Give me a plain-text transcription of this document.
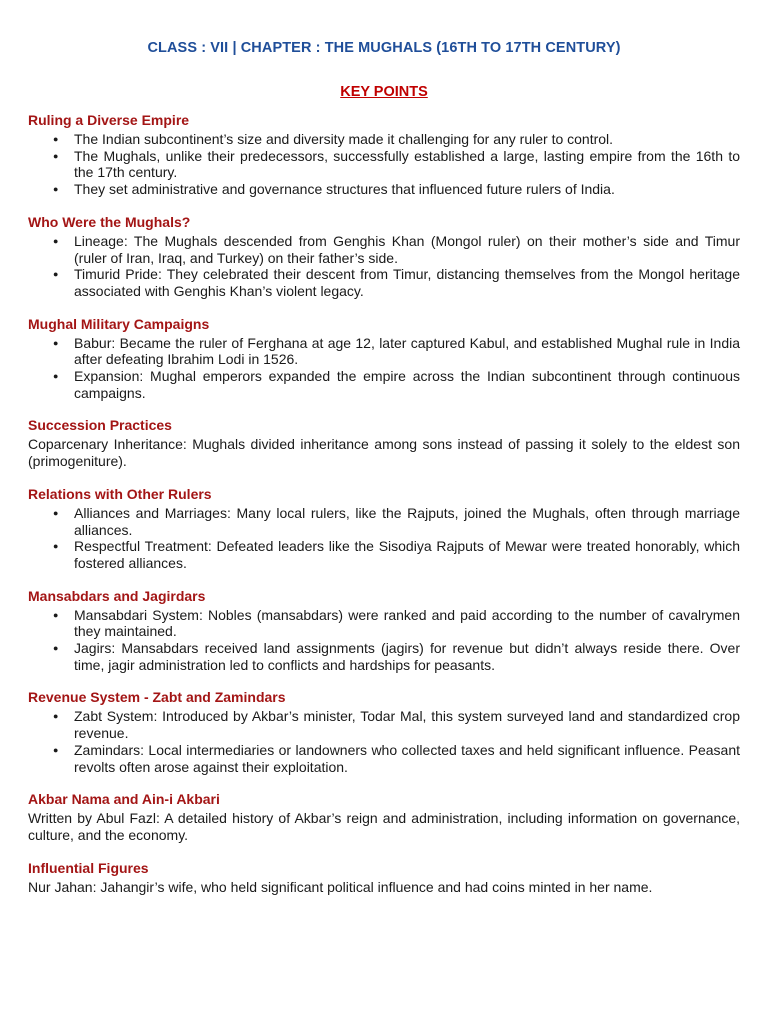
CLASS : VII | CHAPTER : THE MUGHALS (16TH TO 17TH CENTURY)
KEY POINTS
Ruling a Diverse Empire
● The Indian subcontinent’s size and diversity made it challenging for any ruler to control.
● The Mughals, unlike their predecessors, successfully established a large, lasting empire from the 16th to the 17th century.
● They set administrative and governance structures that influenced future rulers of India.
Who Were the Mughals?
● Lineage: The Mughals descended from Genghis Khan (Mongol ruler) on their mother’s side and Timur (ruler of Iran, Iraq, and Turkey) on their father’s side.
● Timurid Pride: They celebrated their descent from Timur, distancing themselves from the Mongol heritage associated with Genghis Khan’s violent legacy.
Mughal Military Campaigns
● Babur: Became the ruler of Ferghana at age 12, later captured Kabul, and established Mughal rule in India after defeating Ibrahim Lodi in 1526.
● Expansion: Mughal emperors expanded the empire across the Indian subcontinent through continuous campaigns.
Succession Practices

Coparcenary Inheritance: Mughals divided inheritance among sons instead of passing it solely to the eldest son (primogeniture).

Relations with Other Rulers
● Alliances and Marriages: Many local rulers, like the Rajputs, joined the Mughals, often through marriage alliances.
● Respectful Treatment: Defeated leaders like the Sisodiya Rajputs of Mewar were treated honorably, which fostered alliances.
Mansabdars and Jagirdars
● Mansabdari System: Nobles (mansabdars) were ranked and paid according to the number of cavalrymen they maintained.
● Jagirs: Mansabdars received land assignments (jagirs) for revenue but didn’t always reside there. Over time, jagir administration led to conflicts and hardships for peasants.
Revenue System - Zabt and Zamindars
● Zabt System: Introduced by Akbar’s minister, Todar Mal, this system surveyed land and standardized crop revenue.
● Zamindars: Local intermediaries or landowners who collected taxes and held significant influence. Peasant revolts often arose against their exploitation.
Akbar Nama and Ain-i Akbari

Written by Abul Fazl: A detailed history of Akbar’s reign and administration, including information on governance, culture, and the economy.

Influential Figures

Nur Jahan: Jahangir’s wife, who held significant political influence and had coins minted in her name.
